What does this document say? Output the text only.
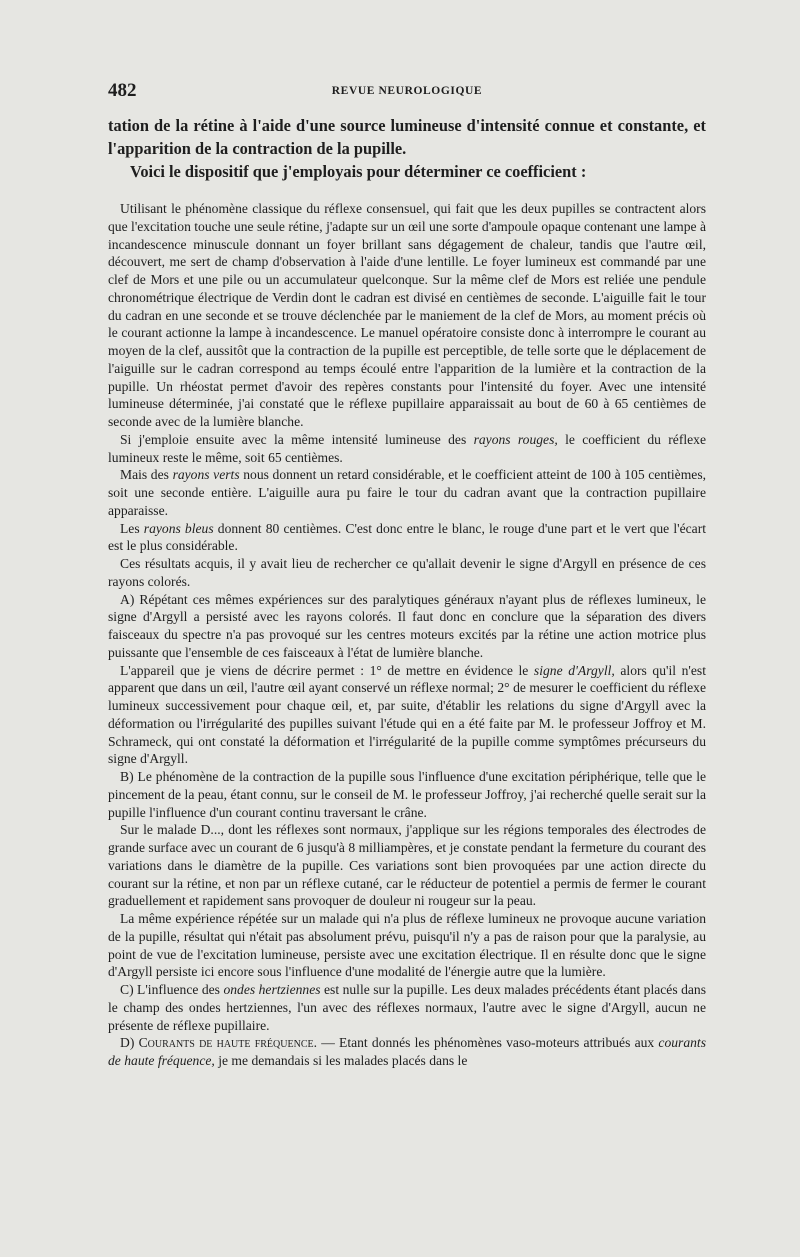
482	REVUE NEUROLOGIQUE

tation de la rétine à l'aide d'une source lumineuse d'intensité connue et constante, et l'apparition de la contraction de la pupille.

Voici le dispositif que j'employais pour déterminer ce coefficient :

Utilisant le phénomène classique du réflexe consensuel, qui fait que les deux pupilles se contractent alors que l'excitation touche une seule rétine, j'adapte sur un œil une sorte d'ampoule opaque contenant une lampe à incandescence minuscule donnant un foyer brillant sans dégagement de chaleur, tandis que l'autre œil, découvert, me sert de champ d'observation à l'aide d'une lentille. Le foyer lumineux est commandé par une clef de Mors et une pile ou un accumulateur quelconque. Sur la même clef de Mors est reliée une pendule chronométrique électrique de Verdin dont le cadran est divisé en centièmes de seconde. L'aiguille fait le tour du cadran en une seconde et se trouve déclenchée par le maniement de la clef de Mors, au moment précis où le courant actionne la lampe à incandescence. Le manuel opératoire consiste donc à interrompre le courant au moyen de la clef, aussitôt que la contraction de la pupille est perceptible, de telle sorte que le déplacement de l'aiguille sur le cadran correspond au temps écoulé entre l'apparition de la lumière et la contraction de la pupille. Un rhéostat permet d'avoir des repères constants pour l'intensité du foyer. Avec une intensité lumineuse déterminée, j'ai constaté que le réflexe pupillaire apparaissait au bout de 60 à 65 centièmes de seconde avec de la lumière blanche.

Si j'emploie ensuite avec la même intensité lumineuse des rayons rouges, le coefficient du réflexe lumineux reste le même, soit 65 centièmes.

Mais des rayons verts nous donnent un retard considérable, et le coefficient atteint de 100 à 105 centièmes, soit une seconde entière. L'aiguille aura pu faire le tour du cadran avant que la contraction pupillaire apparaisse.

Les rayons bleus donnent 80 centièmes. C'est donc entre le blanc, le rouge d'une part et le vert que l'écart est le plus considérable.

Ces résultats acquis, il y avait lieu de rechercher ce qu'allait devenir le signe d'Argyll en présence de ces rayons colorés.

A) Répétant ces mêmes expériences sur des paralytiques généraux n'ayant plus de réflexes lumineux, le signe d'Argyll a persisté avec les rayons colorés. Il faut donc en conclure que la séparation des divers faisceaux du spectre n'a pas provoqué sur les centres moteurs excités par la rétine une action motrice plus puissante que l'ensemble de ces faisceaux à l'état de lumière blanche.

L'appareil que je viens de décrire permet : 1° de mettre en évidence le signe d'Argyll, alors qu'il n'est apparent que dans un œil, l'autre œil ayant conservé un réflexe normal; 2° de mesurer le coefficient du réflexe lumineux successivement pour chaque œil, et, par suite, d'établir les relations du signe d'Argyll avec la déformation ou l'irrégularité des pupilles suivant l'étude qui en a été faite par M. le professeur Joffroy et M. Schrameck, qui ont constaté la déformation et l'irrégularité de la pupille comme symptômes précurseurs du signe d'Argyll.

B) Le phénomène de la contraction de la pupille sous l'influence d'une excitation périphérique, telle que le pincement de la peau, étant connu, sur le conseil de M. le professeur Joffroy, j'ai recherché quelle serait sur la pupille l'influence d'un courant continu traversant le crâne.

Sur le malade D..., dont les réflexes sont normaux, j'applique sur les régions temporales des électrodes de grande surface avec un courant de 6 jusqu'à 8 milliampères, et je constate pendant la fermeture du courant des variations dans le diamètre de la pupille. Ces variations sont bien provoquées par une action directe du courant sur la rétine, et non par un réflexe cutané, car le réducteur de potentiel a permis de fermer le courant graduellement et rapidement sans provoquer de douleur ni rougeur sur la peau.

La même expérience répétée sur un malade qui n'a plus de réflexe lumineux ne provoque aucune variation de la pupille, résultat qui n'était pas absolument prévu, puisqu'il n'y a pas de raison pour que la paralysie, au point de vue de l'excitation lumineuse, persiste avec une excitation électrique. Il en résulte donc que le signe d'Argyll persiste ici encore sous l'influence d'une modalité de l'énergie autre que la lumière.

C) L'influence des ondes hertziennes est nulle sur la pupille. Les deux malades précédents étant placés dans le champ des ondes hertziennes, l'un avec des réflexes normaux, l'autre avec le signe d'Argyll, aucun ne présente de réflexe pupillaire.

D) Courants de haute fréquence. — Etant donnés les phénomènes vaso-moteurs attribués aux courants de haute fréquence, je me demandais si les malades placés dans le
